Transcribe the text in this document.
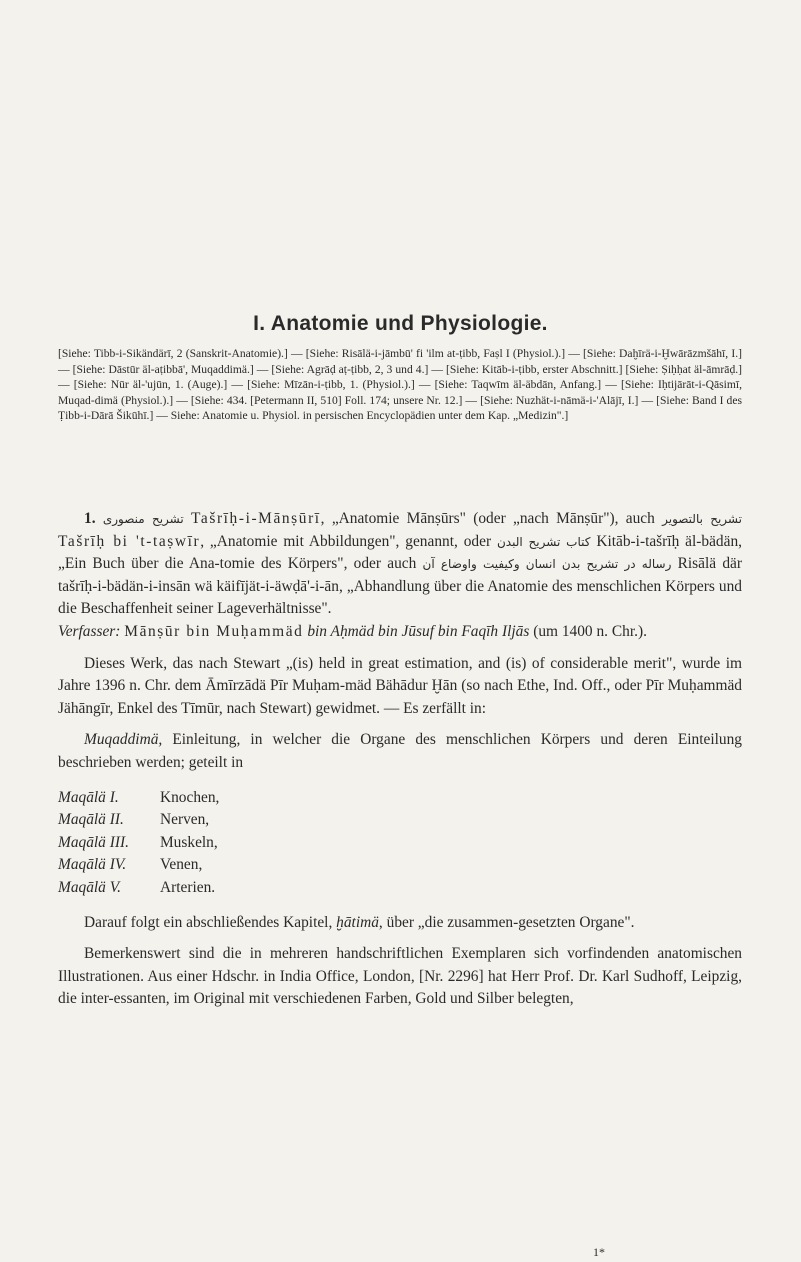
I. Anatomie und Physiologie.
[Siehe: Tibb-i-Sikändärī, 2 (Sanskrit-Anatomie).] — [Siehe: Risālä-i-jāmbū' fi 'ilm at-ṭibb, Faṣl I (Physiol.).] — [Siehe: Daḫīrä-i-Ḫwārāzmšāhī, I.] — [Siehe: Dāstūr äl-aṭibbā', Muqaddimä.] — [Siehe: Agrāḍ aṭ-ṭibb, 2, 3 und 4.] — [Siehe: Kitāb-i-ṭibb, erster Abschnitt.] [Siehe: Ṣiḥḥat äl-āmrāḍ.] — [Siehe: Nūr äl-'ujūn, 1. (Auge).] — [Siehe: Mīzān-i-ṭibb, 1. (Physiol.).] — [Siehe: Taqwīm äl-äbdān, Anfang.] — [Siehe: Iḥtijārāt-i-Qāsimī, Muqad-dimä (Physiol.).] — [Siehe: 434. [Petermann II, 510] Foll. 174; unsere Nr. 12.] — [Siehe: Nuzhät-i-nāmä-i-'Alājī, I.] — [Siehe: Band I des Ṭibb-i-Dārā Šikūhī.] — Siehe: Anatomie u. Physiol. in persischen Encyclopädien unter dem Kap. „Medizin".]

1. تشریح منصوری Tašrīḥ-i-Mānṣūrī, „Anatomie Mānṣūrs" (oder „nach Mānṣūr"), auch تشریح بالتصویر Tašrīḥ bi 't-taṣwīr, „Anatomie mit Abbildungen", genannt, oder کتاب تشریح البدن Kitāb-i-tašrīḥ äl-bädän, „Ein Buch über die Ana-tomie des Körpers", oder auch رساله در تشریح بدن انسان وکیفیت واوضاع آن Risālä där tašrīḥ-i-bädän-i-insān wä käifījät-i-äwḍā'-i-ān, „Abhandlung über die Anatomie des menschlichen Körpers und die Beschaffenheit seiner Lageverhältnisse".

Verfasser: Mānṣūr bin Muḥammäd bin Aḥmäd bin Jūsuf bin Faqīh Iljās (um 1400 n. Chr.).

Dieses Werk, das nach Stewart „(is) held in great estimation, and (is) of considerable merit", wurde im Jahre 1396 n. Chr. dem Āmīrzādä Pīr Muḥam-mäd Bähādur Ḫān (so nach Ethe, Ind. Off., oder Pīr Muḥammäd Jähāngīr, Enkel des Tīmūr, nach Stewart) gewidmet. — Es zerfällt in:

Muqaddimä, Einleitung, in welcher die Organe des menschlichen Körpers und deren Einteilung beschrieben werden; geteilt in

Maqālä I.	Knochen,
Maqālä II.	Nerven,
Maqālä III.	Muskeln,
Maqālä IV.	Venen,
Maqālä V.	Arterien.

Darauf folgt ein abschließendes Kapitel, ḫātimä, über „die zusammen-gesetzten Organe".

Bemerkenswert sind die in mehreren handschriftlichen Exemplaren sich vorfindenden anatomischen Illustrationen. Aus einer Hdschr. in India Office, London, [Nr. 2296] hat Herr Prof. Dr. Karl Sudhoff, Leipzig, die inter-essanten, im Original mit verschiedenen Farben, Gold und Silber belegten,

1*
